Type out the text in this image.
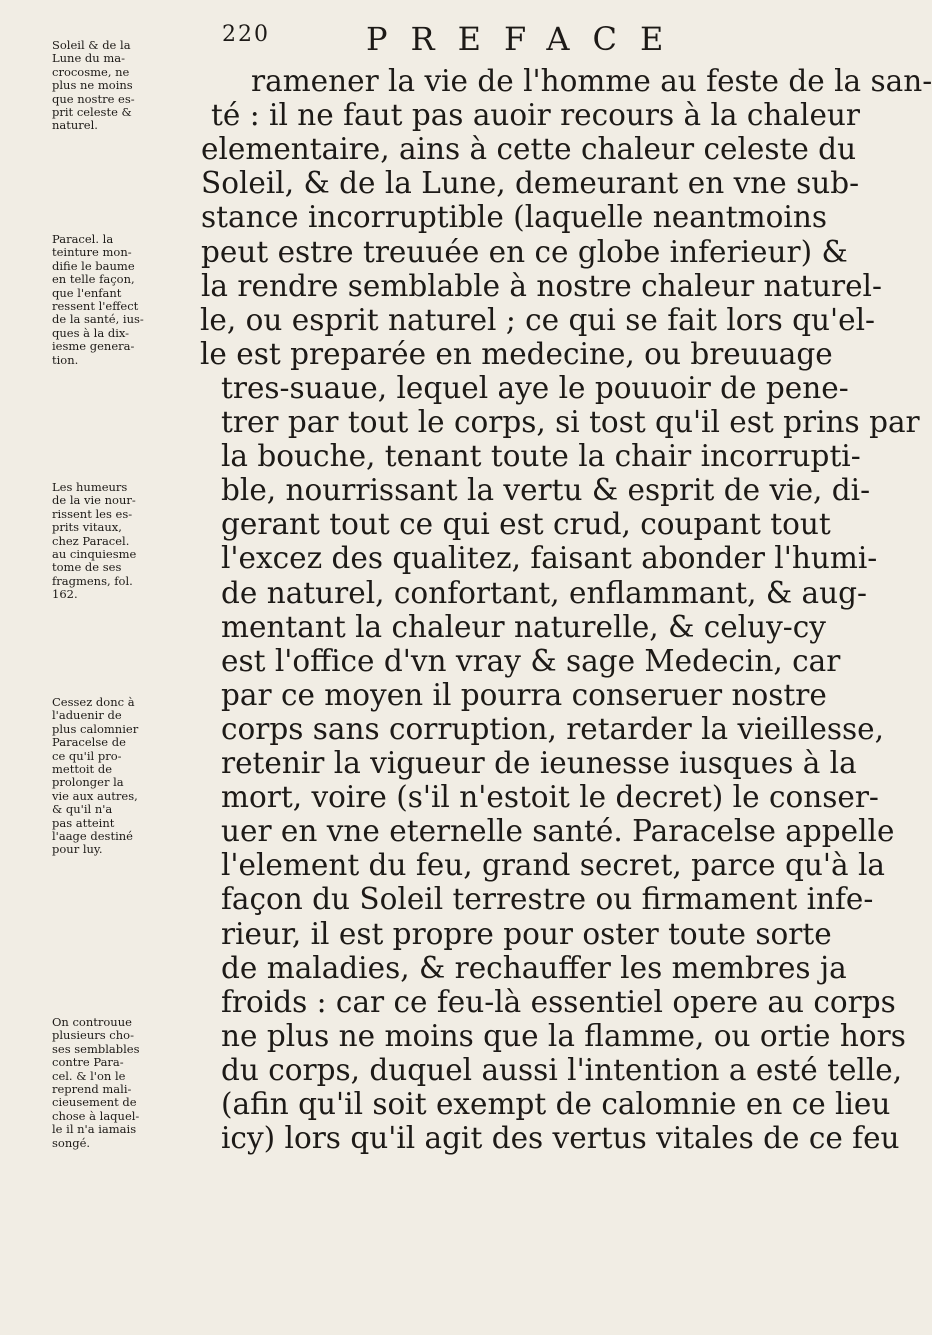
220	PREFACE
ramener la vie de l'homme au feste de la san-
té : il ne faut pas auoir recours à la chaleur
elementaire, ains à cette chaleur celeste du
Soleil, & de la Lune, demeurant en vne sub-
stance incorruptible (laquelle neantmoins
peut estre treuuée en ce globe inferieur) &
la rendre semblable à nostre chaleur naturel-
le, ou esprit naturel ; ce qui se fait lors qu'el-
le est preparée en medecine, ou breuuage
tres-suaue, lequel aye le pouuoir de pene-
trer par tout le corps, si tost qu'il est prins par
la bouche, tenant toute la chair incorrupti-
ble, nourrissant la vertu & esprit de vie, di-
gerant tout ce qui est crud, coupant tout
l'excez des qualitez, faisant abonder l'humi-
de naturel, confortant, enflammant, & aug-
mentant la chaleur naturelle, & celuy-cy
est l'office d'vn vray & sage Medecin, car
par ce moyen il pourra conseruer nostre
corps sans corruption, retarder la vieillesse,
retenir la vigueur de ieunesse iusques à la
mort, voire (s'il n'estoit le decret) le conser-
uer en vne eternelle santé. Paracelse appelle
l'element du feu, grand secret, parce qu'à la
façon du Soleil terrestre ou firmament infe-
rieur, il est propre pour oster toute sorte
de maladies, & rechauffer les membres ja
froids : car ce feu-là essentiel opere au corps
ne plus ne moins que la flamme, ou ortie hors
du corps, duquel aussi l'intention a esté telle,
(afin qu'il soit exempt de calomnie en ce lieu
icy) lors qu'il agit des vertus vitales de ce feu
Soleil & de la
Lune du ma-
crocosme, ne
plus ne moins
que nostre es-
prit celeste &
naturel.
Paracel. la
teinture mon-
difie le baume
en telle façon,
que l'enfant
ressent l'effect
de la santé, ius-
ques à la dix-
iesme genera-
tion.
Les humeurs
de la vie nour-
rissent les es-
prits vitaux,
chez Paracel.
au cinquiesme
tome de ses
fragmens, fol.
162.
Cessez donc à
l'aduenir de
plus calomnier
Paracelse de
ce qu'il pro-
mettoit de
prolonger la
vie aux autres,
& qu'il n'a
pas atteint
l'aage destiné
pour luy.
On controuue
plusieurs cho-
ses semblables
contre Para-
cel. & l'on le
reprend mali-
cieusement de
chose à laquel-
le il n'a iamais
songé.
